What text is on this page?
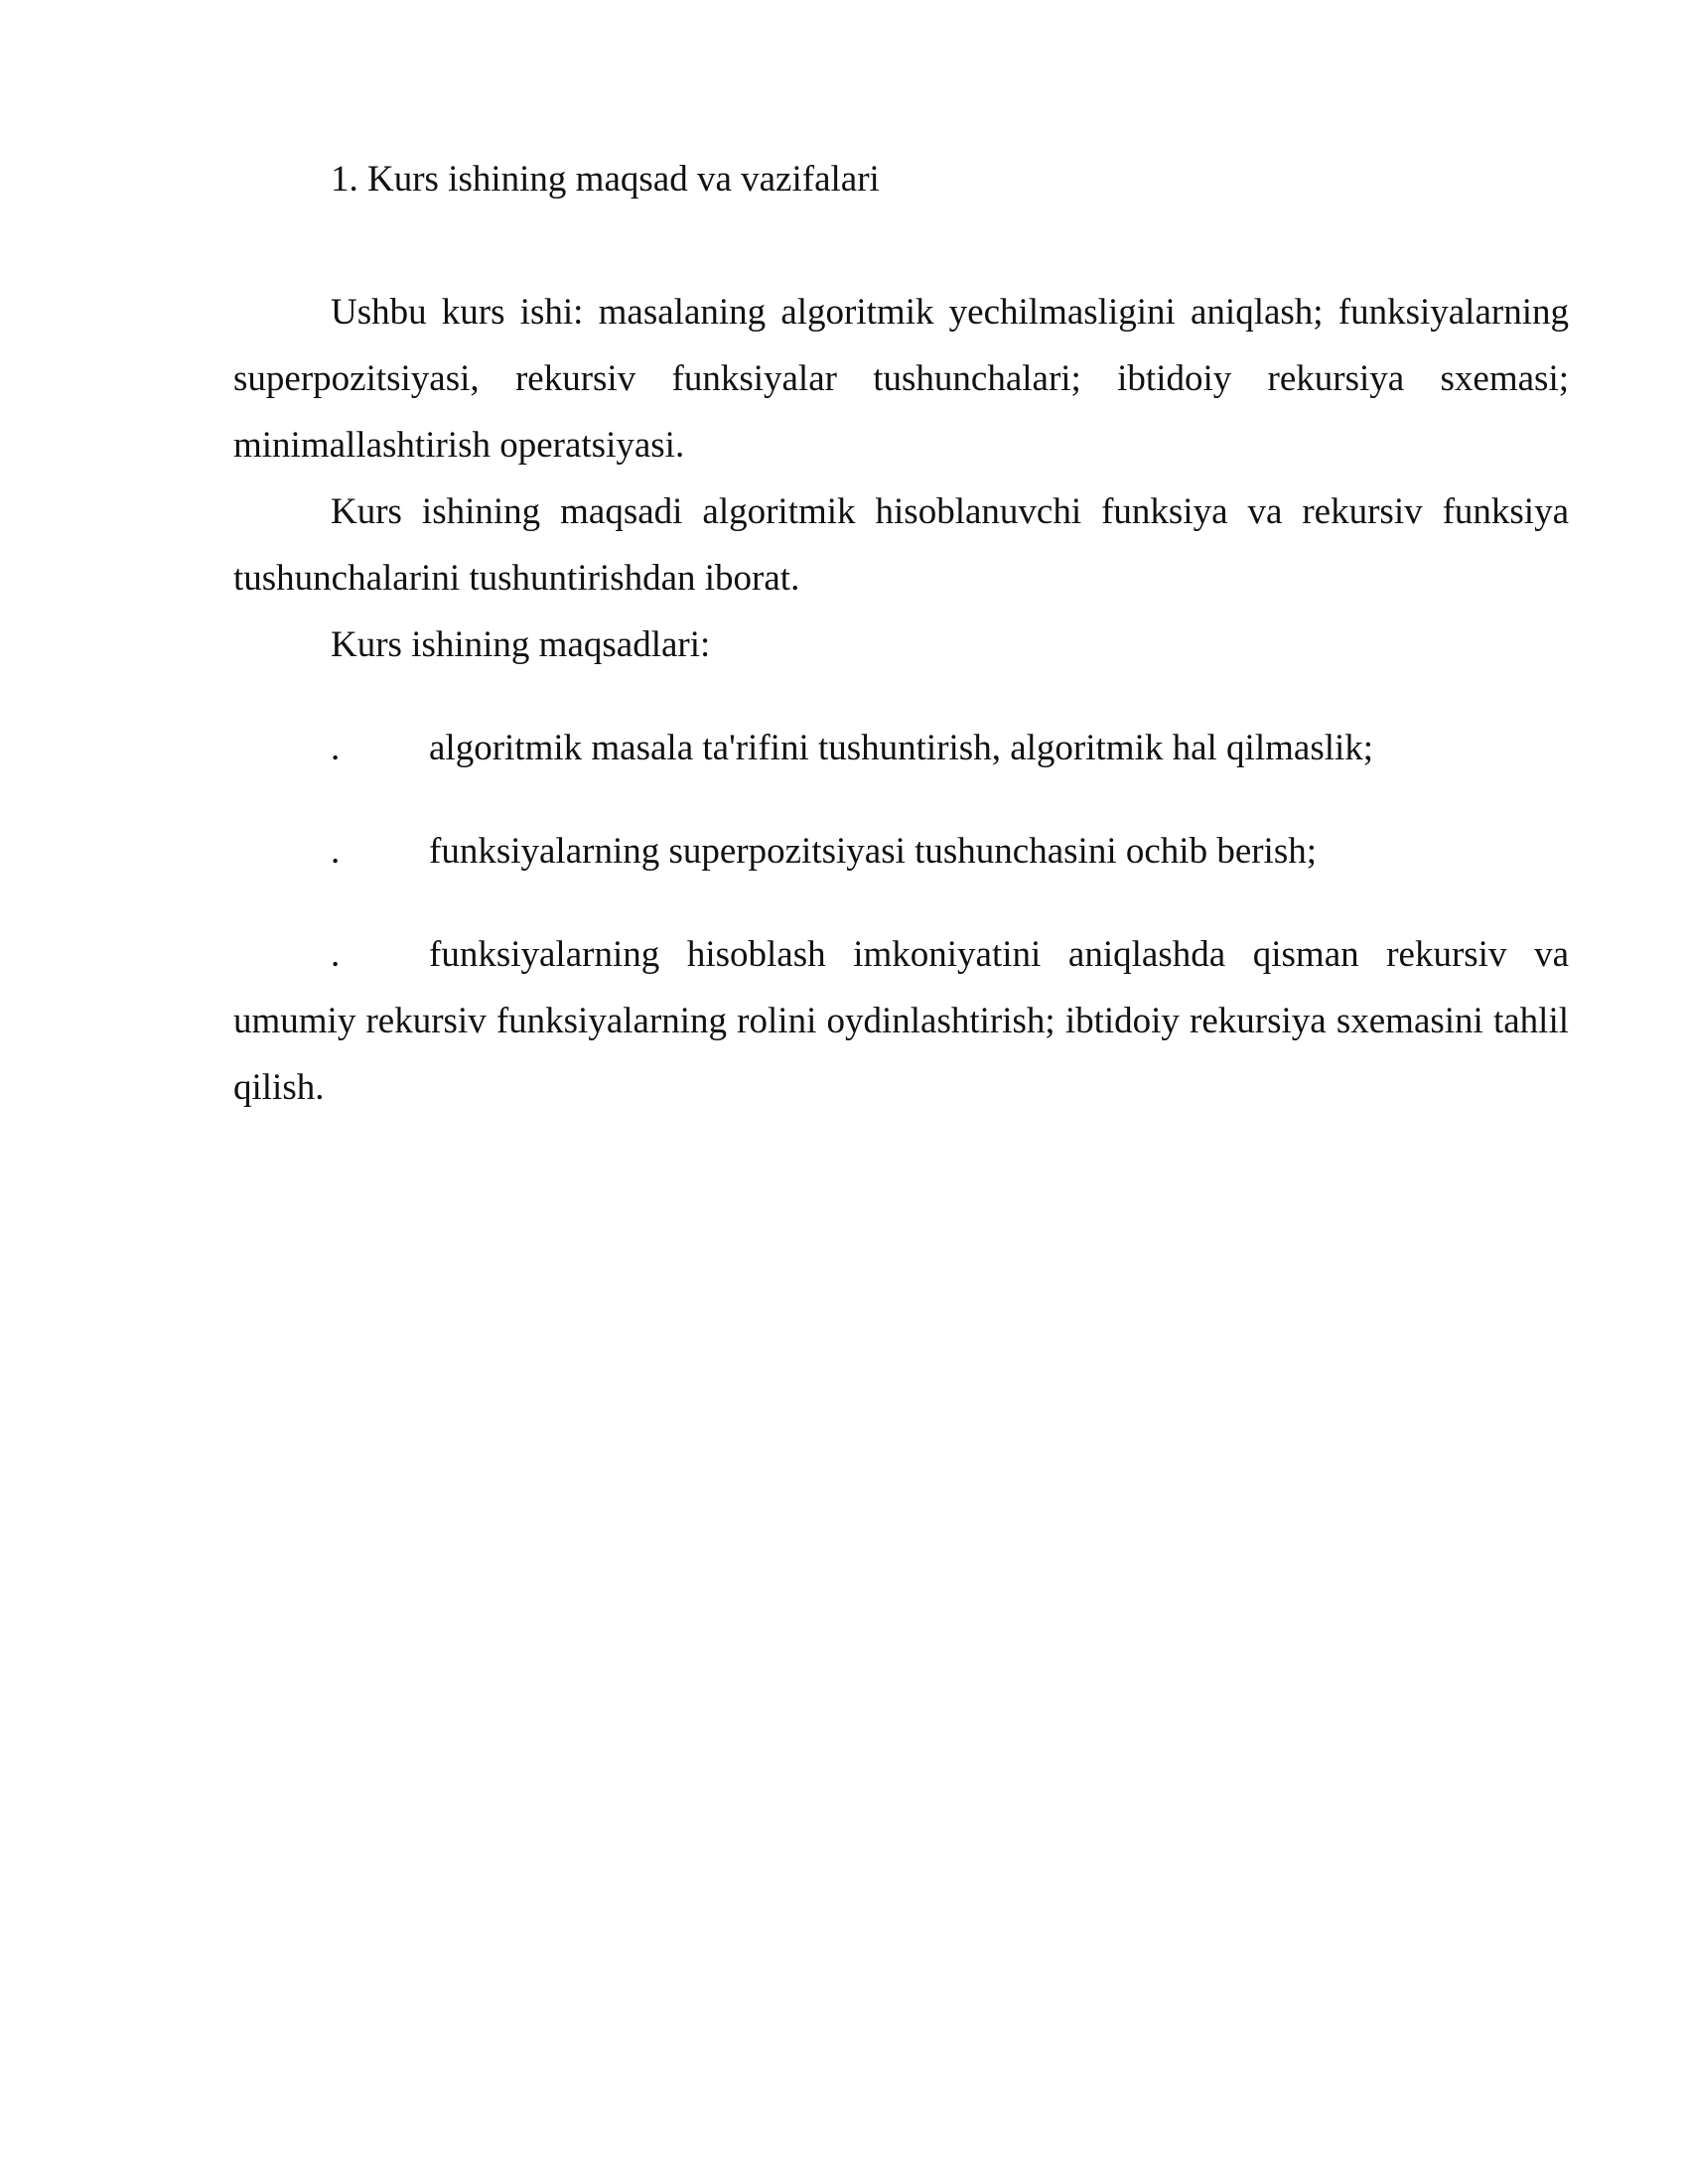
1. Kurs ishining maqsad va vazifalari

Ushbu kurs ishi: masalaning algoritmik yechilmasligini aniqlash; funksiyalarning superpozitsiyasi, rekursiv funksiyalar tushunchalari; ibtidoiy rekursiya sxemasi; minimallashtirish operatsiyasi.

Kurs ishining maqsadi algoritmik hisoblanuvchi funksiya va rekursiv funksiya tushunchalarini tushuntirishdan iborat.

Kurs ishining maqsadlari:

. algoritmik masala ta'rifini tushuntirish, algoritmik hal qilmaslik;

. funksiyalarning superpozitsiyasi tushunchasini ochib berish;

. funksiyalarning hisoblash imkoniyatini aniqlashda qisman rekursiv va umumiy rekursiv funksiyalarning rolini oydinlashtirish; ibtidoiy rekursiya sxemasini tahlil qilish.
